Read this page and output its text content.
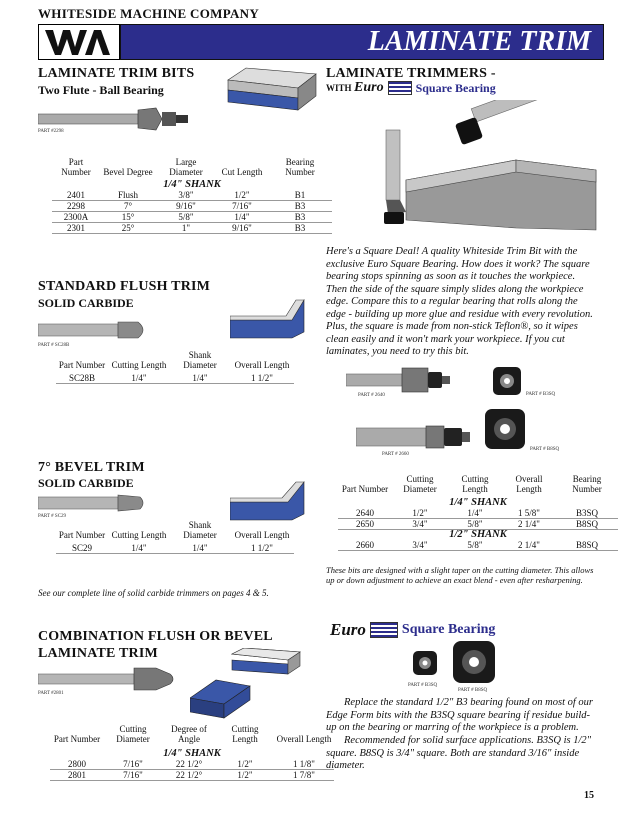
WHITESIDE MACHINE COMPANY
LAMINATE TRIM
LAMINATE TRIM BITS
Two Flute - Ball Bearing
PART #2298
Part Number	Bevel Degree	Large Diameter	Cut Length	Bearing Number
1/4" SHANK				
2401	Flush	3/8"	1/2"	B1
2298	7°	9/16"	7/16"	B3
2300A	15°	5/8"	1/4"	B3
2301	25°	1"	9/16"	B3
STANDARD FLUSH TRIM
SOLID CARBIDE
PART # SC28B
Part Number	Cutting Length	Shank Diameter	Overall Length
SC28B	1/4"	1/4"	1 1/2"
7° BEVEL TRIM
SOLID CARBIDE
PART # SC29
Part Number	Cutting Length	Shank Diameter	Overall Length
SC29	1/4"	1/4"	1 1/2"
See our complete line of solid carbide trimmers on pages 4 & 5.
COMBINATION FLUSH OR BEVEL
LAMINATE TRIM
PART #2801
Part Number	Cutting Diameter	Degree of Angle	Cutting Length	Overall Length
1/4" SHANK				
2800	7/16"	22 1/2°	1/2"	1 1/8"
2801	7/16"	22 1/2°	1/2"	1 7/8"
LAMINATE TRIMMERS -
WITH Euro	Square Bearing
Here's a Square Deal! A quality Whiteside Trim Bit with the exclusive Euro Square Bearing. How does it work? The square bearing stops spinning as soon as it touches the workpiece. Then the side of the square simply slides along the workpiece edge. Compare this to a regular bearing that rolls along the edge - building up more glue and residue with every revolution. Plus, the square is made from non-stick Teflon®, so it wipes clean easily and it won't mark your workpiece. If you cut laminates, you need to try this bit.
PART # 2640	PART # B3SQ
PART # 2660
PART # B8SQ
Part Number	Cutting Diameter	Cutting Length	Overall Length	Bearing Number
1/4" SHANK				
2640	1/2"	1/4"	1 5/8"	B3SQ
2650	3/4"	5/8"	2 1/4"	B8SQ
1/2" SHANK				
2660	3/4"	5/8"	2 1/4"	B8SQ
These bits are designed with a slight taper on the cutting diameter. This allows up or down adjustment to achieve an exact blend - even after resharpening.
Euro	Square Bearing
PART # B3SQ
PART # B8SQ
Replace the standard 1/2" B3 bearing found on most of our Edge Form bits with the B3SQ square bearing if residue build-up on the bearing or marring of the workpiece is a problem.
Recommended for solid surface applications. B3SQ is 1/2" square. B8SQ is 3/4" square. Both are standard 3/16" inside diameter.
15
